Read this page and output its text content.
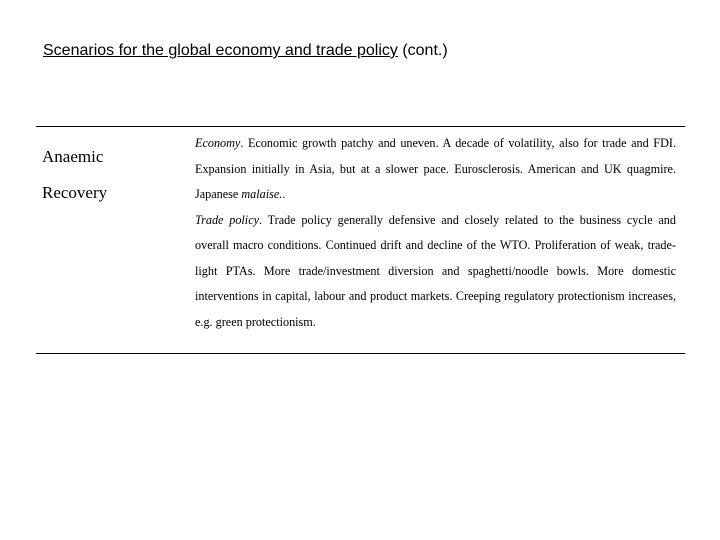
Scenarios for the global economy and trade policy (cont.)
Anaemic
Recovery

Economy. Economic growth patchy and uneven. A decade of volatility, also for trade and FDI. Expansion initially in Asia, but at a slower pace. Eurosclerosis. American and UK quagmire. Japanese malaise..

Trade policy. Trade policy generally defensive and closely related to the business cycle and overall macro conditions. Continued drift and decline of the WTO. Proliferation of weak, trade-light PTAs. More trade/investment diversion and spaghetti/noodle bowls. More domestic interventions in capital, labour and product markets. Creeping regulatory protectionism increases, e.g. green protectionism.
